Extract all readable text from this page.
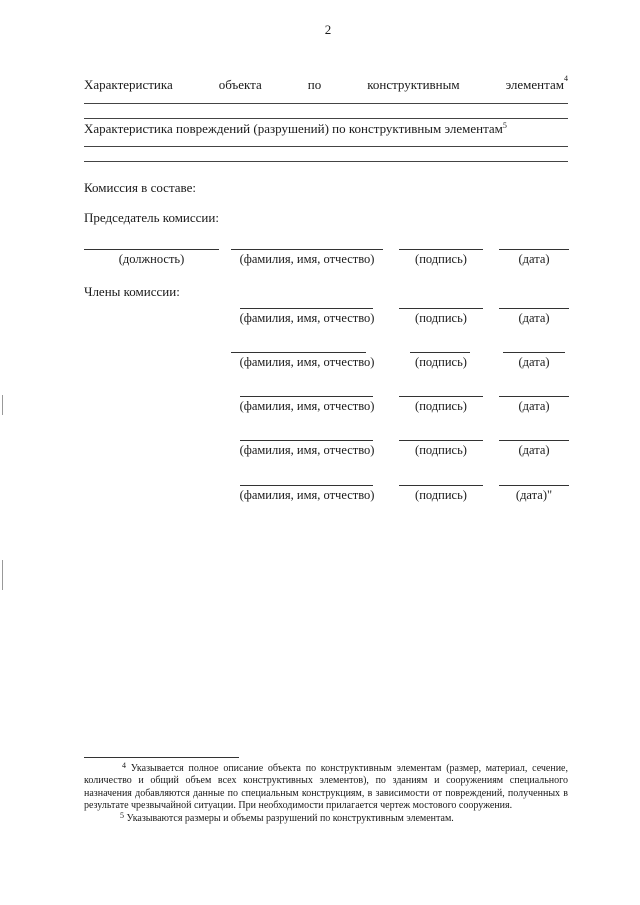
2
Характеристика	объекта	по	конструктивным	элементам$^4$
Характеристика повреждений (разрушений) по конструктивным элементам$^5$
Комиссия в составе:
Председатель комиссии:
(должность)	(фамилия, имя, отчество)	(подпись)	(дата)
Члены комиссии:
(фамилия, имя, отчество)	(подпись)	(дата)
(фамилия, имя, отчество)	(подпись)	(дата)
(фамилия, имя, отчество)	(подпись)	(дата)
(фамилия, имя, отчество)	(подпись)	(дата)
(фамилия, имя, отчество)	(подпись)	(дата)"

$^4$ Указывается полное описание объекта по конструктивным элементам (размер, материал, сечение, количество и общий объем всех конструктивных элементов), по зданиям и сооружениям специального назначения добавляются данные по специальным конструкциям, в зависимости от повреждений, полученных в результате чрезвычайной ситуации. При необходимости прилагается чертеж мостового сооружения.

$^5$ Указываются размеры и объемы разрушений по конструктивным элементам.
